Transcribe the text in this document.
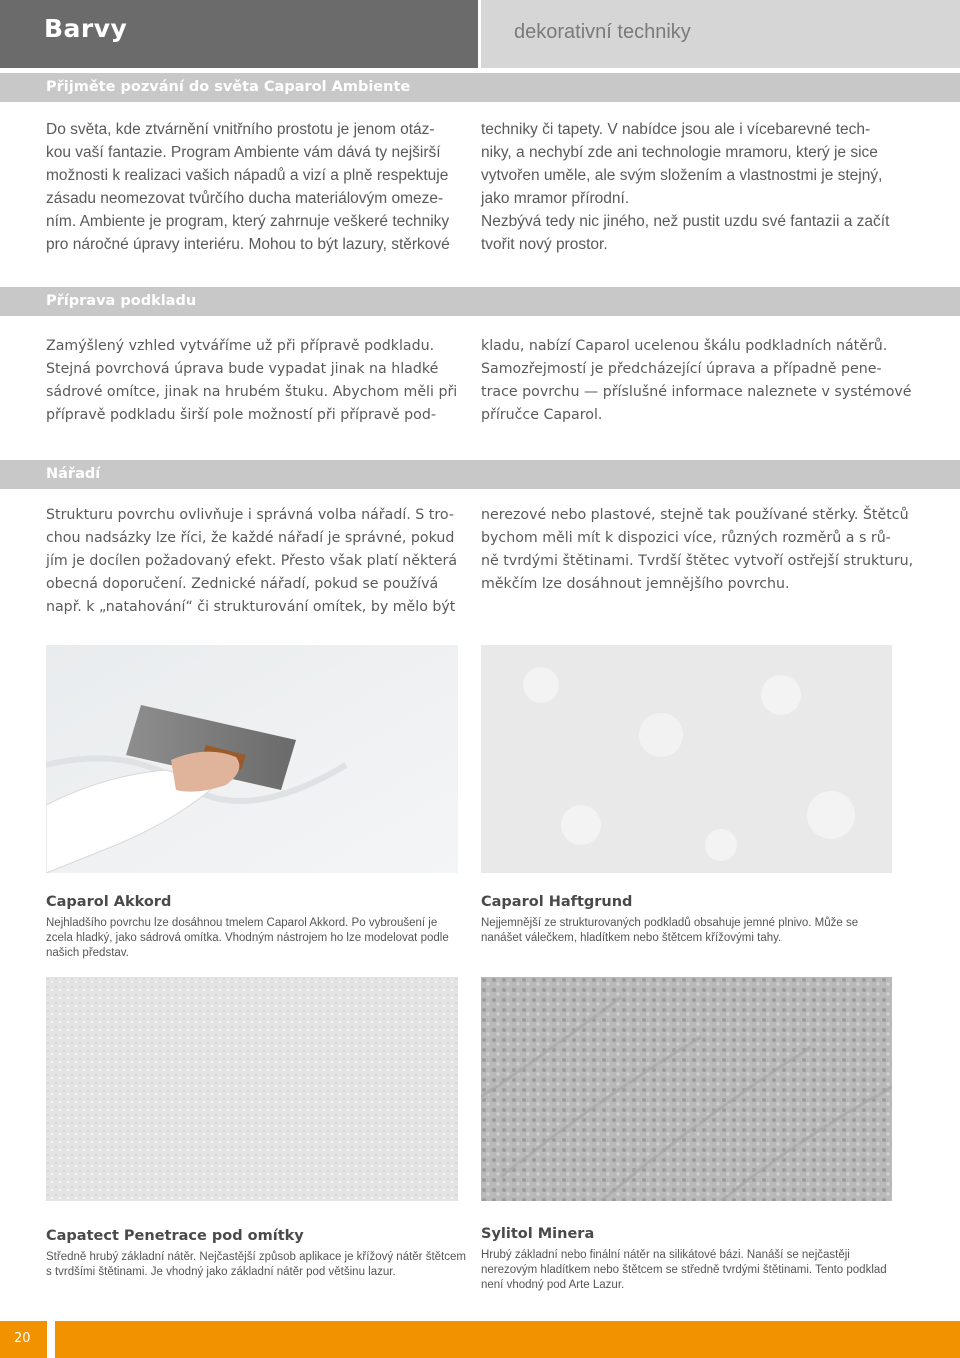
Barvy	dekorativní techniky
Přijměte pozvání do světa Caparol Ambiente

Do světa, kde ztvárnění vnitřního prostotu je jenom otáz-

kou vaší fantazie. Program Ambiente vám dává ty nejširší

možnosti k realizaci vašich nápadů a vizí a plně respektuje

zásadu neomezovat tvůrčího ducha materiálovým omeze-

ním. Ambiente je program, který zahrnuje veškeré techniky

pro náročné úpravy interiéru. Mohou to být lazury, stěrkové

techniky či tapety. V nabídce jsou ale i vícebarevné tech-

niky, a nechybí zde ani technologie mramoru, který je sice

vytvořen uměle, ale svým složením a vlastnostmi je stejný,

jako mramor přírodní.

Nezbývá tedy nic jiného, než pustit uzdu své fantazii a začít

tvořit nový prostor.

Příprava podkladu

Zamýšlený vzhled vytváříme už při přípravě podkladu.

Stejná povrchová úprava bude vypadat jinak na hladké

sádrové omítce, jinak na hrubém štuku. Abychom měli při

přípravě podkladu širší pole možností při přípravě pod-

kladu, nabízí Caparol ucelenou škálu podkladních nátěrů.

Samozřejmostí je předcházející úprava a případně pene-

trace povrchu — příslušné informace naleznete v systémové

příručce Caparol.

Nářadí

Strukturu povrchu ovlivňuje i správná volba nářadí. S tro-

chou nadsázky lze říci, že každé nářadí je správné, pokud

jím je docílen požadovaný efekt. Přesto však platí některá

obecná doporučení. Zednické nářadí, pokud se používá

např. k „natahování“ či strukturování omítek, by mělo být

nerezové nebo plastové, stejně tak používané stěrky. Štětců

bychom měli mít k dispozici více, různých rozměrů a s rů-

ně tvrdými štětinami. Tvrdší štětec vytvoří ostřejší strukturu,

měkčím lze dosáhnout jemnějšího povrchu.

Caparol Akkord
Nejhladšího povrchu lze dosáhnou tmelem Caparol Akkord. Po vybroušení je
zcela hladký, jako sádrová omítka. Vhodným nástrojem ho lze modelovat podle
našich představ.
Caparol Haftgrund
Nejjemnější ze strukturovaných podkladů obsahuje jemné plnivo. Může se
nanášet válečkem, hladítkem nebo štětcem křížovými tahy.
Capatect Penetrace pod omítky
Středně hrubý základní nátěr. Nejčastější způsob aplikace je křížový nátěr štětcem
s tvrdšími štětinami. Je vhodný jako základní nátěr pod většinu lazur.
Sylitol Minera
Hrubý základní nebo finální nátěr na silikátové bázi. Nanáší se nejčastěji
nerezovým hladítkem nebo štětcem se středně tvrdými štětinami. Tento podklad
není vhodný pod Arte Lazur.
20
